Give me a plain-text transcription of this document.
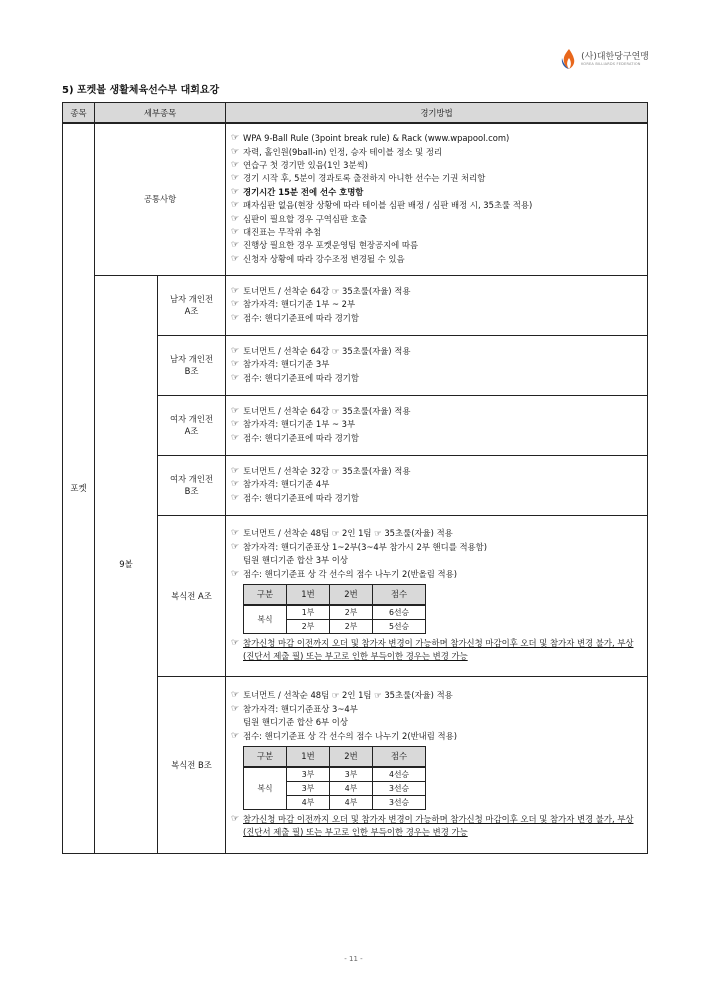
(사)대한당구연맹
KOREA BILLIARDS FEDERATION
5) 포켓볼 생활체육선수부 대회요강
종목	세부종목	경기방법
포켓	공통사항	
☞ WPA 9-Ball Rule (3point break rule) & Rack (www.wpapool.com)
☞ 자력, 홀인원(9ball-in) 인정, 승자 테이블 정소 및 정리
☞ 연습구 첫 경기만 있음(1인 3분씩)
☞ 경기 시작 후, 5분이 경과토록 출전하지 아니한 선수는 기권 처리함
☞ 경기시간 15분 전에 선수 호명함
☞ 패자심판 없음(현장 상황에 따라 테이블 심판 배정 / 심판 배정 시, 35초룰 적용)
☞ 심판이 필요할 경우 구역심판 호출
☞ 대진표는 무작위 추첨
☞ 진행상 필요한 경우 포켓운영팀 현장공지에 따름
☞ 신청자 상황에 따라 강수조정 변경될 수 있음

9볼	남자 개인전
A조	
☞ 토너먼트 / 선착순 64강 ☞ 35초룰(자율) 적용
☞ 참가자격: 핸디기준 1부 ~ 2부
☞ 점수: 핸디기준표에 따라 경기함

남자 개인전
B조	
☞ 토너먼트 / 선착순 64강 ☞ 35초룰(자율) 적용
☞ 참가자격: 핸디기준 3부
☞ 점수: 핸디기준표에 따라 경기함

여자 개인전
A조	
☞ 토너먼트 / 선착순 64강 ☞ 35초룰(자율) 적용
☞ 참가자격: 핸디기준 1부 ~ 3부
☞ 점수: 핸디기준표에 따라 경기함

여자 개인전
B조	
☞ 토너먼트 / 선착순 32강 ☞ 35초룰(자율) 적용
☞ 참가자격: 핸디기준 4부
☞ 점수: 핸디기준표에 따라 경기함

복식전 A조	
☞ 토너먼트 / 선착순 48팀 ☞ 2인 1팀 ☞ 35초룰(자율) 적용
☞ 참가자격: 핸디기준표상 1~2부(3~4부 참가시 2부 핸디를 적용함)
팀원 핸디기준 합산 3부 이상
☞ 점수: 핸디기준표 상 각 선수의 점수 나누기 2(반올림 적용)
구분	1번	2번	점수
복식	1부	2부	6선승
2부	2부	5선승
☞ 참가신청 마감 이전까지 오더 및 참가자 변경이 가능하며 참가신청 마감이후 오더 및 참가자 변경 불가, 부상(진단서 제출 필) 또는 부고로 인한 부득이한 경우는 변경 가능

복식전 B조	
☞ 토너먼트 / 선착순 48팀 ☞ 2인 1팀 ☞ 35초룰(자율) 적용
☞ 참가자격: 핸디기준표상 3~4부
팀원 핸디기준 합산 6부 이상
☞ 점수: 핸디기준표 상 각 선수의 점수 나누기 2(반내림 적용)
구분	1번	2번	점수
복식	3부	3부	4선승
3부	4부	3선승
4부	4부	3선승
☞ 참가신청 마감 이전까지 오더 및 참가자 변경이 가능하며 참가신청 마감이후 오더 및 참가자 변경 불가, 부상(진단서 제출 필) 또는 부고로 인한 부득이한 경우는 변경 가능
- 11 -
